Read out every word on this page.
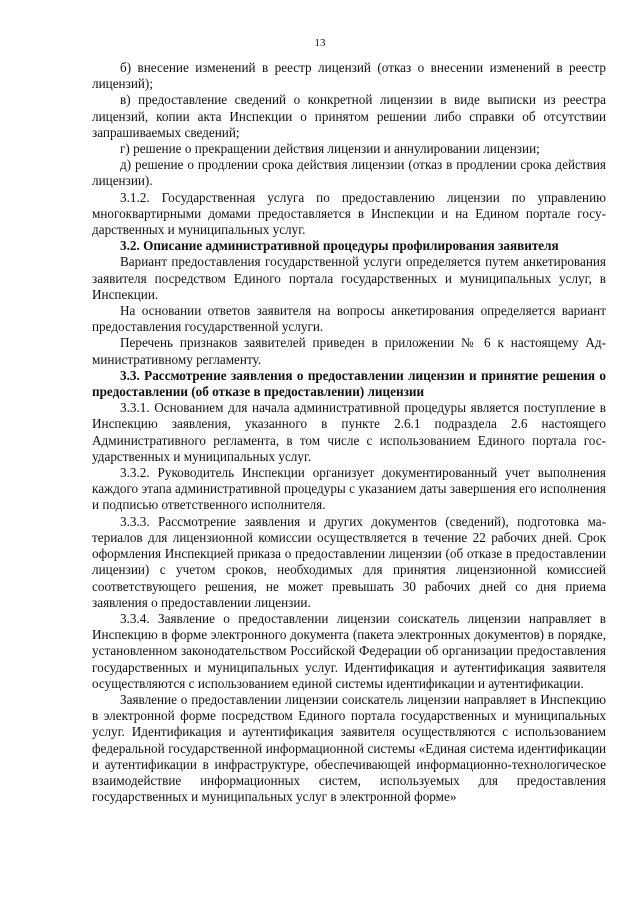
13

б) внесение изменений в реестр лицензий (отказ о внесении изменений в реестр лицензий);

в) предоставление сведений о конкретной лицензии в виде выписки из реестра лицензий, копии акта Инспекции о принятом решении либо справки об отсутствии запрашиваемых сведений;

г) решение о прекращении действия лицензии и аннулировании лицензии;

д) решение о продлении срока действия лицензии (отказ в продлении срока действия лицензии).

3.1.2. Государственная услуга по предоставлению лицензии по управлению многоквартирными домами предоставляется в Инспекции и на Едином портале государственных и муниципальных услуг.

3.2. Описание административной процедуры профилирования заявителя

Вариант предоставления государственной услуги определяется путем анкетирования заявителя посредством Единого портала государственных и муниципальных услуг, в Инспекции.

На основании ответов заявителя на вопросы анкетирования определяется вариант предоставления государственной услуги.

Перечень признаков заявителей приведен в приложении № 6 к настоящему Административному регламенту.

3.3. Рассмотрение заявления о предоставлении лицензии и принятие решения о предоставлении (об отказе в предоставлении) лицензии

3.3.1. Основанием для начала административной процедуры является поступление в Инспекцию заявления, указанного в пункте 2.6.1 подраздела 2.6 настоящего Административного регламента, в том числе с использованием Единого портала государственных и муниципальных услуг.

3.3.2. Руководитель Инспекции организует документированный учет выполнения каждого этапа административной процедуры с указанием даты завершения его исполнения и подписью ответственного исполнителя.

3.3.3. Рассмотрение заявления и других документов (сведений), подготовка материалов для лицензионной комиссии осуществляется в течение 22 рабочих дней. Срок оформления Инспекцией приказа о предоставлении лицензии (об отказе в предоставлении лицензии) с учетом сроков, необходимых для принятия лицензионной комиссией соответствующего решения, не может превышать 30 рабочих дней со дня приема заявления о предоставлении лицензии.

3.3.4. Заявление о предоставлении лицензии соискатель лицензии направляет в Инспекцию в форме электронного документа (пакета электронных документов) в порядке, установленном законодательством Российской Федерации об организации предоставления государственных и муниципальных услуг. Идентификация и аутентификация заявителя осуществляются с использованием единой системы идентификации и аутентификации.

Заявление о предоставлении лицензии соискатель лицензии направляет в Инспекцию в электронной форме посредством Единого портала государственных и муниципальных услуг. Идентификация и аутентификация заявителя осуществляются с использованием федеральной государственной информационной системы «Единая система идентификации и аутентификации в инфраструктуре, обеспечивающей информационно-технологическое взаимодействие информационных систем, используемых для предоставления государственных и муниципальных услуг в электронной форме»
